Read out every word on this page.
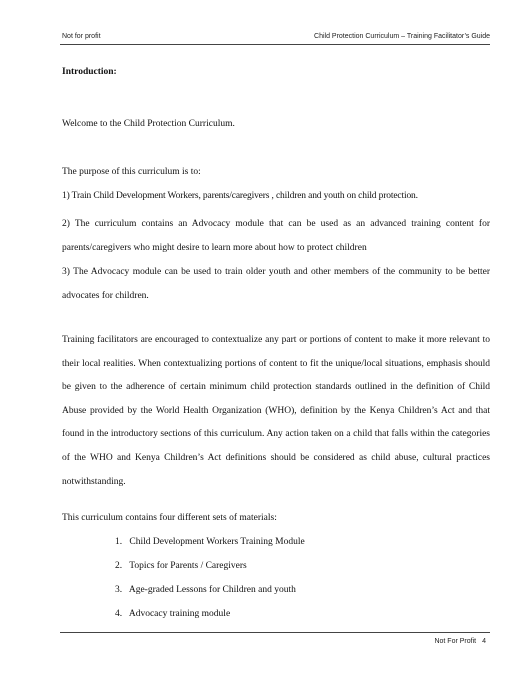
Not for profit	Child Protection Curriculum – Training Facilitator’s Guide
Introduction:
Welcome to the Child Protection Curriculum.
The purpose of this curriculum is to:
1) Train Child Development Workers, parents/caregivers , children and youth on child protection.
2) The curriculum contains an Advocacy module that can be used as an advanced training content for parents/caregivers who might desire to learn more about how to protect children
3) The Advocacy module can be used to train older youth and other members of the community to be better advocates for children.
Training facilitators are encouraged to contextualize any part or portions of content to make it more relevant to their local realities. When contextualizing portions of content to fit the unique/local situations, emphasis should be given to the adherence of certain minimum child protection standards outlined in the definition of Child Abuse provided by the World Health Organization (WHO), definition by the Kenya Children’s Act and that found in the introductory sections of this curriculum. Any action taken on a child that falls within the categories of the WHO and Kenya Children’s Act definitions should be considered as child abuse, cultural practices notwithstanding.
This curriculum contains four different sets of materials:
1. Child Development Workers Training Module
2. Topics for Parents / Caregivers
3. Age-graded Lessons for Children and youth
4. Advocacy training module
Not For Profit 4
